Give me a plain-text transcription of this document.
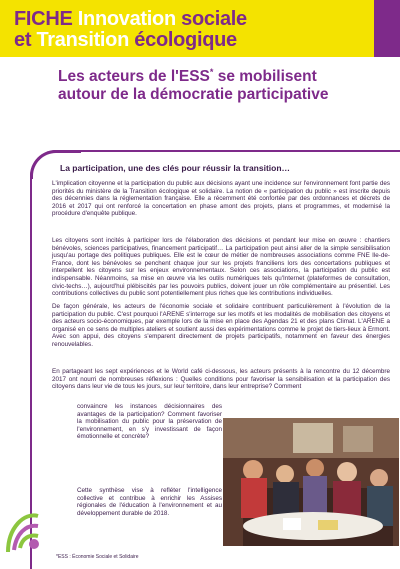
FICHE Innovation sociale
et Transition écologique
Les acteurs de l'ESS* se mobilisent
autour de la démocratie participative
La participation, une des clés pour réussir la transition…

L'implication citoyenne et la participation du public aux décisions ayant une incidence sur l'environnement font partie des priorités du ministère de la Transition écologique et solidaire. La notion de « participation du public » est inscrite depuis des décennies dans la réglementation française. Elle a récemment été confortée par des ordonnances et décrets de 2016 et 2017 qui ont renforcé la concertation en phase amont des projets, plans et programmes, et modernisé la procédure d'enquête publique.

Les citoyens sont incités à participer lors de l'élaboration des décisions et pendant leur mise en œuvre : chantiers bénévoles, sciences participatives, financement participatif… La participation peut ainsi aller de la simple sensibilisation jusqu'au portage des politiques publiques. Elle est le cœur de métier de nombreuses associations comme FNE Ile-de-France, dont les bénévoles se penchent chaque jour sur les projets franciliens lors des concertations publiques et interpellent les citoyens sur les enjeux environnementaux. Selon ces associations, la participation du public est indispensable. Néanmoins, sa mise en œuvre via les outils numériques tels qu'Internet (plateformes de consultation, civic-techs…), aujourd'hui plébiscités par les pouvoirs publics, doivent jouer un rôle complémentaire au présentiel. Les contributions collectives du public sont potentiellement plus riches que les contributions individuelles.

De façon générale, les acteurs de l'économie sociale et solidaire contribuent particulièrement à l'évolution de la participation du public. C'est pourquoi l'ARENE s'interroge sur les motifs et les modalités de mobilisation des citoyens et des acteurs socio-économiques, par exemple lors de la mise en place des Agendas 21 et des plans Climat. L'ARENE a organisé en ce sens de multiples ateliers et soutient aussi des expérimentations comme le projet de tiers-lieux à Ermont. Avec son appui, des citoyens s'emparent directement de projets participatifs, notamment en faveur des énergies renouvelables.

En partageant les sept expériences et le World café ci-dessous, les acteurs présents à la rencontre du 12 décembre 2017 ont nourri de nombreuses réflexions : Quelles conditions pour favoriser la sensibilisation et la participation des citoyens dans leur vie de tous les jours, sur leur territoire, dans leur entreprise? Comment

convaincre les instances décisionnaires des avantages de la participation? Comment favoriser la mobilisation du public pour la préservation de l'environnement, en s'y investissant de façon émotionnelle et concrète?

Cette synthèse vise à refléter l'intelligence collective et contribue à enrichir les Assises régionales de l'éducation à l'environnement et au développement durable de 2018.

*ESS : Économie Sociale et Solidaire
